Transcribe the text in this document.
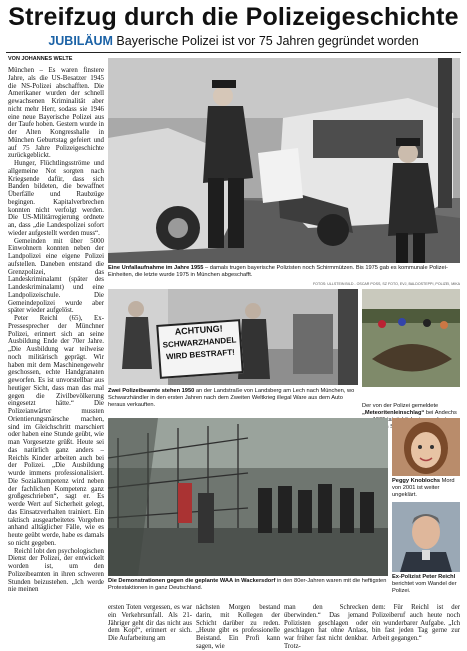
Streifzug durch die Polizeigeschichte
JUBILÄUM Bayerische Polizei ist vor 75 Jahren gegründet worden
VON JOHANNES WELTE

München – Es waren finstere Jahre, als die US-Besatzer 1945 die NS-Polizei abschafften. Die Amerikaner wurden der schnell gewachsenen Kriminalität aber nicht mehr Herr, sodass sie 1946 eine neue Bayerische Polizei aus der Taufe hoben. Gestern wurde in der Alten Kongresshalle in München Geburtstag gefeiert und auf 75 Jahre Polizeigeschichte zurückgeblickt.

Hunger, Flüchtlingsströme und allgemeine Not sorgten nach Kriegsende dafür, dass sich Banden bildeten, die bewaffnet Überfälle und Raubzüge begingen. Kapitalverbrechen konnten nicht verfolgt werden. Die US-Militärregierung ordnete an, dass „die Landespolizei sofort wieder aufgestellt werden muss“.

Gemeinden mit über 5000 Einwohnern konnten neben der Landpolizei eine eigene Polizei aufstellen. Daneben entstand die Grenzpolizei, das Landeskriminalamt (später des Landeskriminalamt) und eine Landpolizeischule. Die Gemeindepolizei wurde aber später wieder aufgelöst.

Peter Reichl (65), Ex-Pressesprecher der Münchner Polizei, erinnert sich an seine Ausbildung Ende der 70er Jahre. „Die Ausbildung war teilweise noch militärisch geprägt. Wir haben mit dem Maschinengewehr geschossen, echte Handgranaten geworfen. Es ist unvorstellbar aus heutiger Sicht, dass man das mal gegen die Zivilbevölkerung eingesetzt hätte.“ Die Polizeianwärter mussten Orientierungsmärsche machen, sind im Gleichschritt marschiert oder haben eine Stunde geübt, wie man Vorgesetzte grüßt. Heute sei das natürlich ganz anders – Reichls Kinder arbeiten auch bei der Polizei. „Die Ausbildung wurde immens professionalisiert. Die Sozialkompetenz wird neben der fachlichen Kompetenz ganz großgeschrieben“, sagt er. Es werde Wert auf Sicherheit gelegt, das Einsatzverhalten trainiert. Ein taktisch ausgearbeitetes Vorgehen anhand alltäglicher Fälle, wie es heute geübt werde, habe es damals so nicht gegeben.

Reichl lobt den psychologischen Dienst der Polizei, der entwickelt worden ist, um den Polizeibeamten in ihren schweren Stunden beizustehen. „Ich werde nie meinen

Eine Unfallaufnahme im Jahre 1955 – damals trugen bayerische Polizisten noch Schirmmützen. Bis 1975 gab es kommunale Polizei-Einheiten, die letzte wurde 1975 in München abgeschafft.
FOTOS: ULLSTEIN BILD - OSCAR POSS, SZ FOTO, EVJ, BALDOSTEPPI, POLIZEI, MIKA
ACHTUNG!
SCHWARZHANDEL
WIRD BESTRAFT!
Zwei Polizeibeamte stehen 1950 an der Landstraße von Landsberg am Lech nach München, wo Schwarzhändler in den ersten Jahren nach dem Zweiten Weltkrieg illegal Ware aus dem Auto heraus verkauften.	Der von der Polizei gemeldete „Meteoritenleinschlag“ bei Andechs
Die Demonstrationen gegen die geplante WAA in Wackersdorf in den 80er-Jahren waren mit die heftigsten Protestaktionen in ganz Deutschland.
Peggy Knoblochs Mord von 2001 ist weiter ungeklärt.
Ex-Polizist Peter Reichl berichtet vom Wandel der Polizei.

ersten Toten vergessen, es war ein Verkehrsunfall. Als 21-Jähriger geht dir das nicht aus dem Kopf“, erinnert er sich. Die Aufarbeitung am

nächsten Morgen bestand darin, mit Kollegen der Schicht darüber zu reden. „Heute gibt es professionelle Beistand. Ein Profi kann sagen, wie

man den Schrecken überwinden.“ Das jemand Polizisten geschlagen oder geschlagen hat ohne Anlass, war früher fast nicht denkbar. Trotz-

dem: Für Reichl ist der Polizeiberuf auch heute noch ein wunderbarer Aufgabe. „Ich bin fast jeden Tag gerne zur Arbeit gegangen.“
